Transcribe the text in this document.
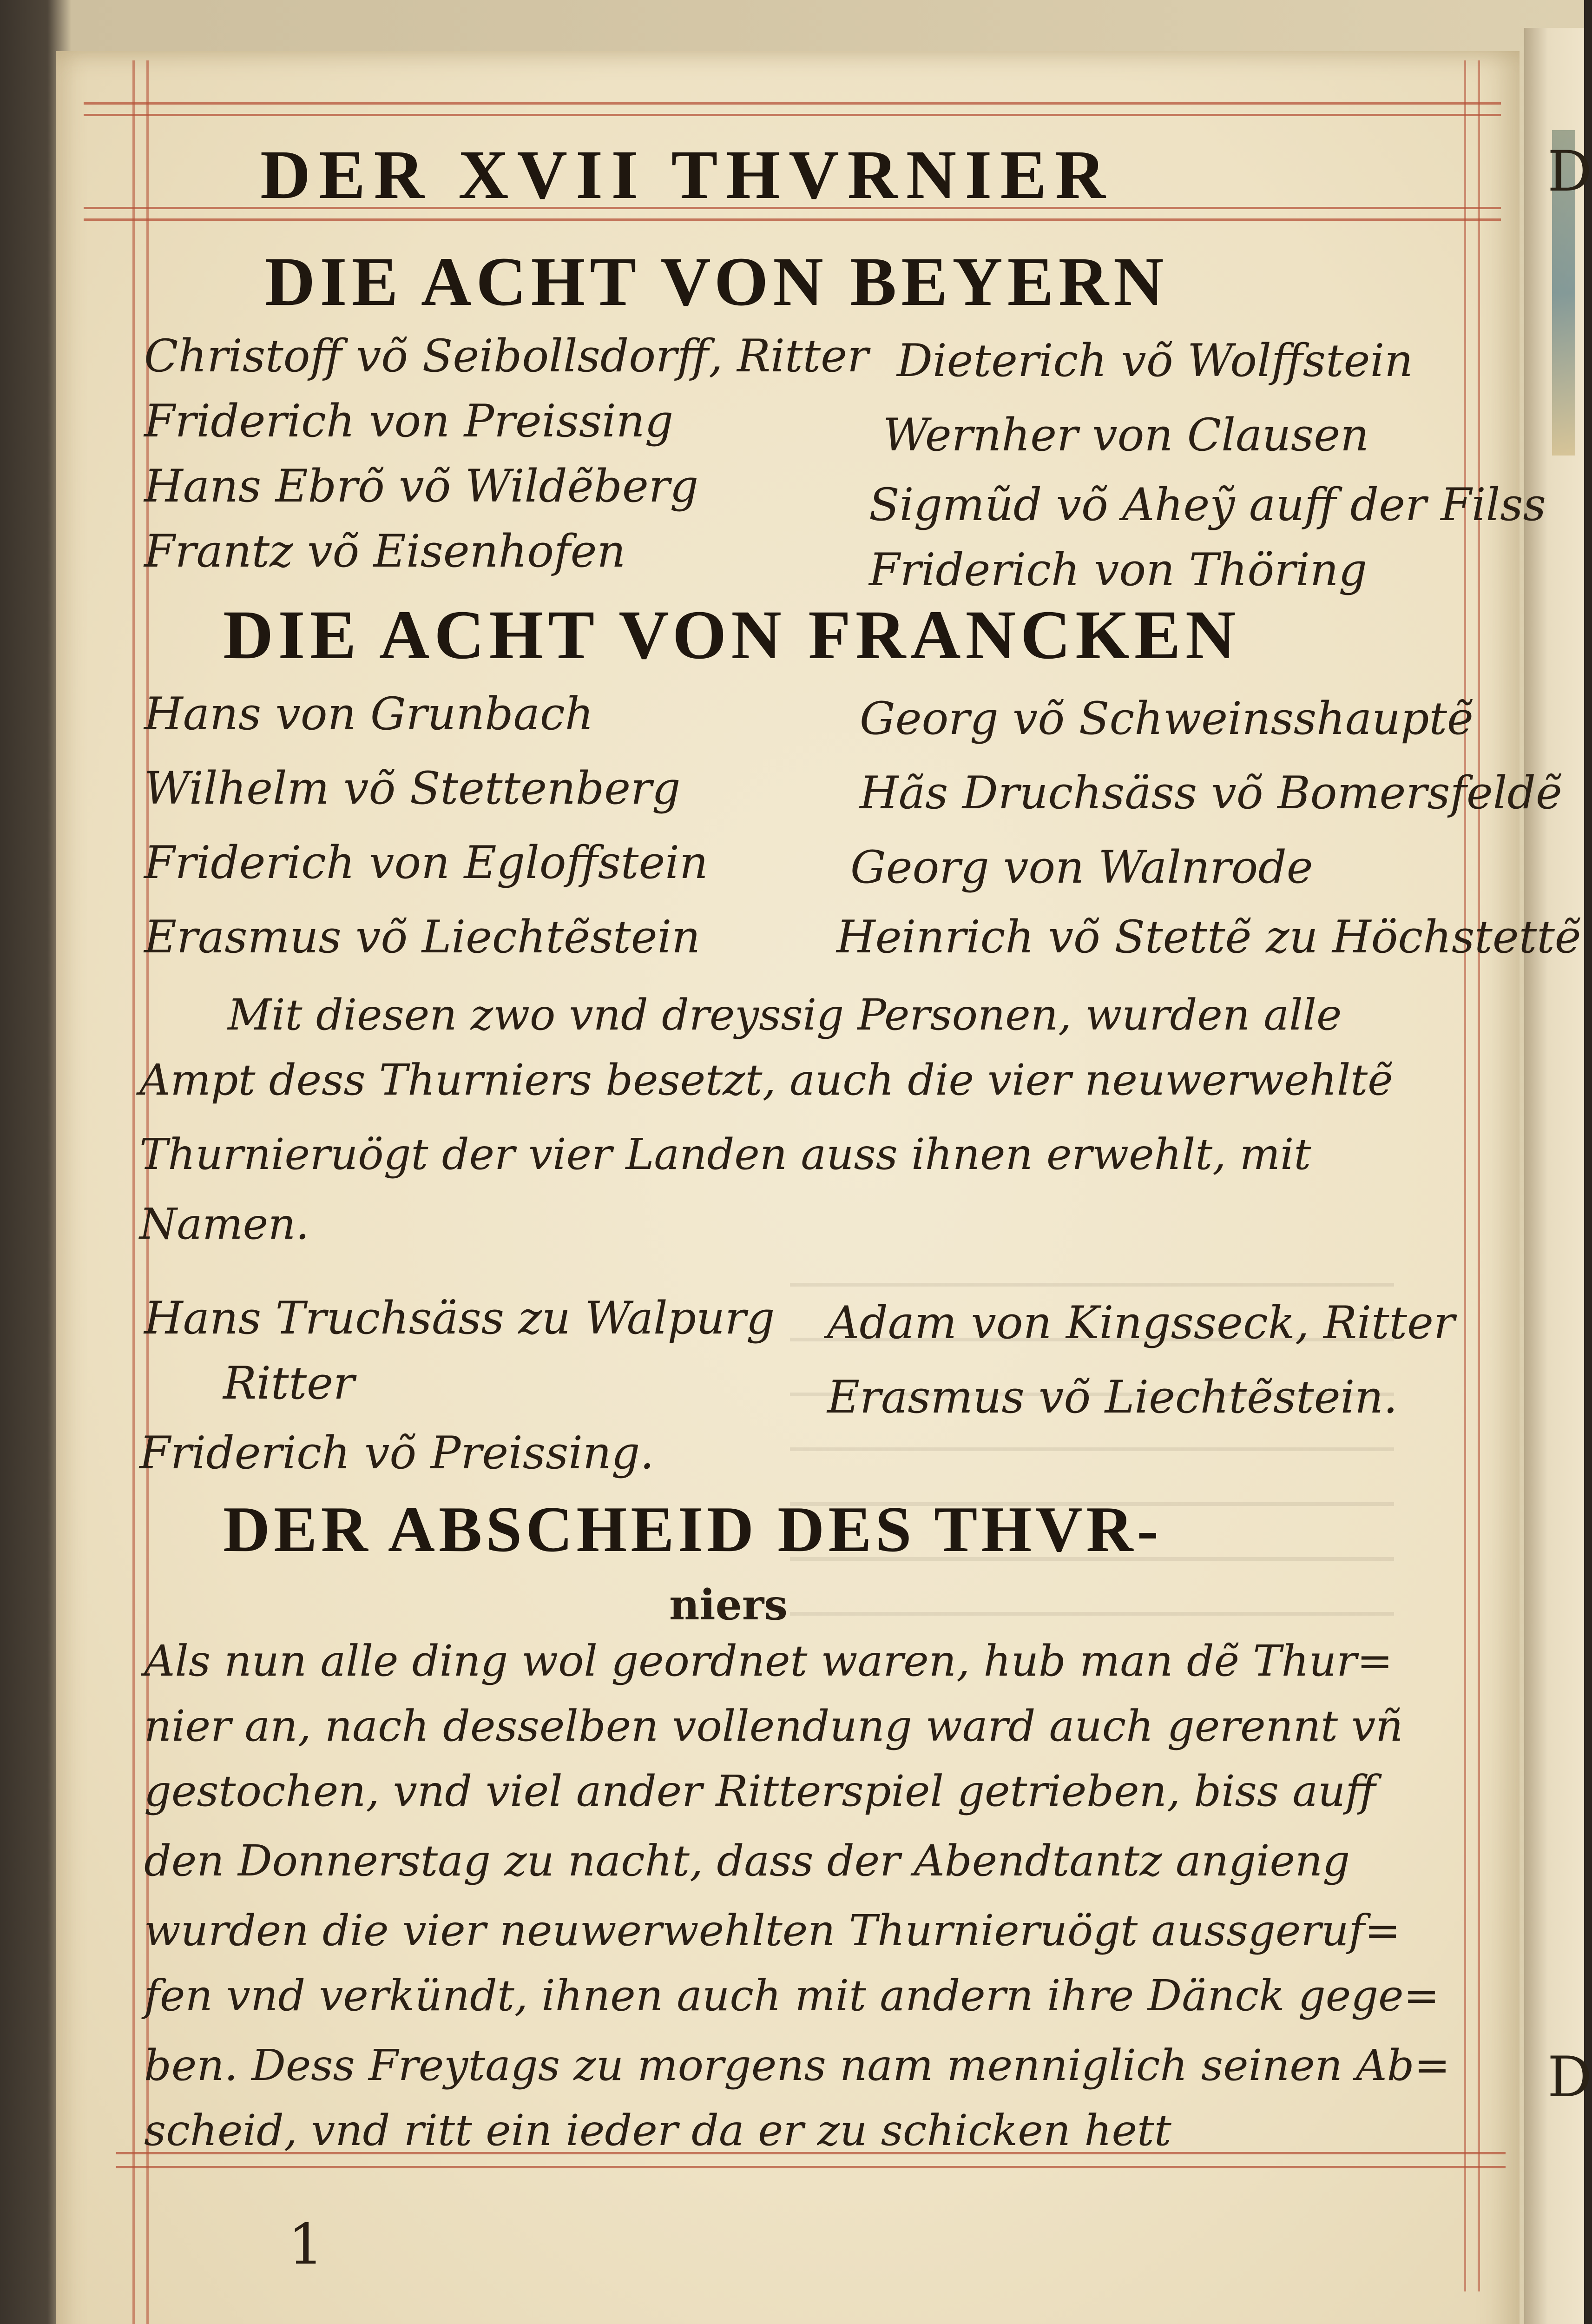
D
D
DER XVII THVRNIER
DIE ACHT VON BEYERN
Christoff võ Seibollsdorff, Ritter
Friderich von Preissing
Hans Ebrõ võ Wildẽberg
Frantz võ Eisenhofen
Dieterich võ Wolffstein
Wernher von Clausen
Sigmũd võ Aheỹ auff der Filss
Friderich von Thöring
DIE ACHT VON FRANCKEN
Hans von Grunbach
Wilhelm võ Stettenberg
Friderich von Egloffstein
Erasmus võ Liechtẽstein
Georg võ Schweinsshauptẽ
Hãs Druchsäss võ Bomersfeldẽ
Georg von Walnrode
Heinrich võ Stettẽ zu Höchstettẽ
Mit diesen zwo vnd dreyssig Personen, wurden alle
Ampt dess Thurniers besetzt, auch die vier neuwerwehltẽ
Thurnieruögt der vier Landen auss ihnen erwehlt, mit
Namen.
Hans Truchsäss zu Walpurg
Ritter
Friderich võ Preissing.
Adam von Kingsseck, Ritter
Erasmus võ Liechtẽstein.
DER ABSCHEID DES THVR-
niers
Als nun alle ding wol geordnet waren, hub man dẽ Thur=
nier an, nach desselben vollendung ward auch gerennt vñ
gestochen, vnd viel ander Ritterspiel getrieben, biss auff
den Donnerstag zu nacht, dass der Abendtantz angieng
wurden die vier neuwerwehlten Thurnieruögt aussgeruf=
fen vnd verkündt, ihnen auch mit andern ihre Dänck gege=
ben. Dess Freytags zu morgens nam menniglich seinen Ab=
scheid, vnd ritt ein ieder da er zu schicken hett
1
